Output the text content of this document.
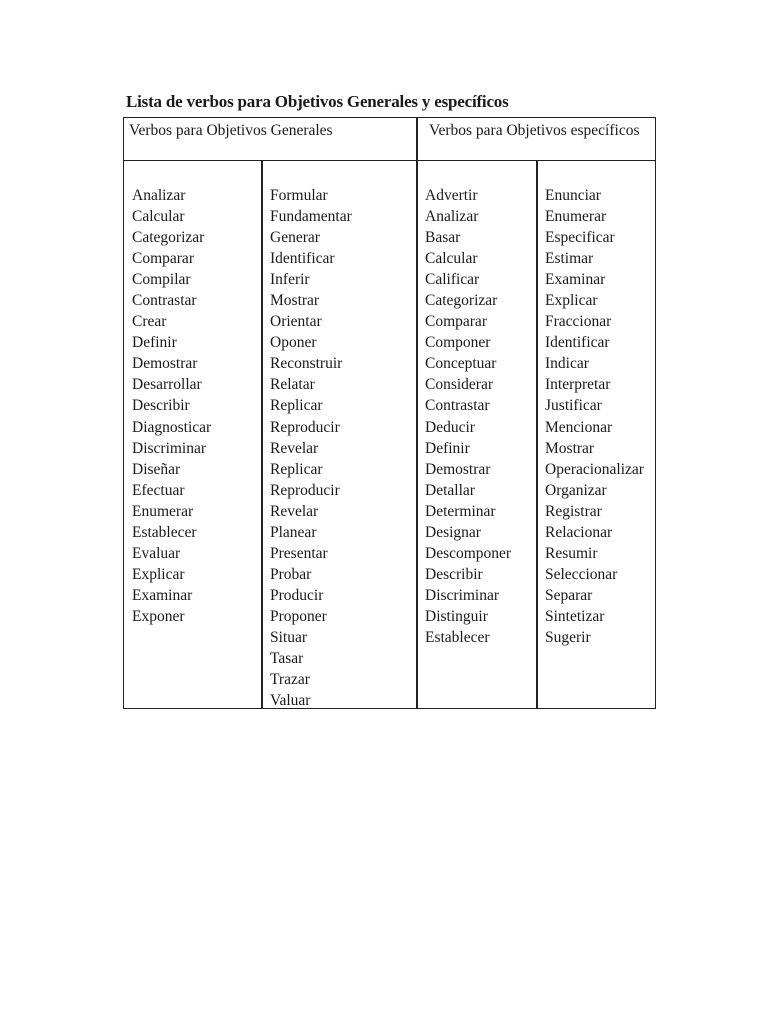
Lista de verbos para Objetivos Generales y específicos
Verbos para Objetivos Generales	Verbos para Objetivos específicos
Analizar
Calcular
Categorizar
Comparar
Compilar
Contrastar
Crear
Definir
Demostrar
Desarrollar
Describir
Diagnosticar
Discriminar
Diseñar
Efectuar
Enumerar
Establecer
Evaluar
Explicar
Examinar
Exponer
Formular
Fundamentar
Generar
Identificar
Inferir
Mostrar
Orientar
Oponer
Reconstruir
Relatar
Replicar
Reproducir
Revelar
Replicar
Reproducir
Revelar
Planear
Presentar
Probar
Producir
Proponer
Situar
Tasar
Trazar
Valuar
Advertir
Analizar
Basar
Calcular
Calificar
Categorizar
Comparar
Componer
Conceptuar
Considerar
Contrastar
Deducir
Definir
Demostrar
Detallar
Determinar
Designar
Descomponer
Describir
Discriminar
Distinguir
Establecer
Enunciar
Enumerar
Especificar
Estimar
Examinar
Explicar
Fraccionar
Identificar
Indicar
Interpretar
Justificar
Mencionar
Mostrar
Operacionalizar
Organizar
Registrar
Relacionar
Resumir
Seleccionar
Separar
Sintetizar
Sugerir
